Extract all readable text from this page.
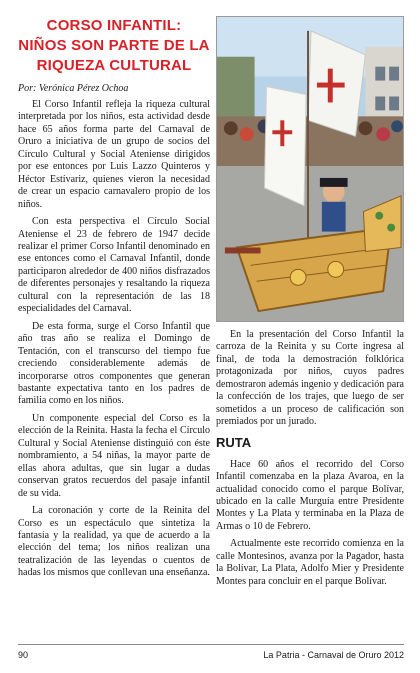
CORSO INFANTIL:
NIÑOS SON PARTE DE LA
RIQUEZA CULTURAL

Por: Verónica Pérez Ochoa

El Corso Infantil refleja la riqueza cultural interpretada por los niños, esta actividad desde hace 65 años forma parte del Carnaval de Oruro a iniciativa de un grupo de socios del Círculo Cultural y Social Ateniense dirigidos por ese entonces por Luis Lazzo Quinteros y Héctor Estívariz, quienes vieron la necesidad de crear un espacio carnavalero propio de los niños.

Con esta perspectiva el Círculo Social Ateniense el 23 de febrero de 1947 decide realizar el primer Corso Infantil denominado en ese entonces como el Carnaval Infantil, donde participaron alrededor de 400 niños disfrazados de diferentes personajes y resaltando la riqueza cultural con la representación de las 18 especialidades del Carnaval.

De esta forma, surge el Corso Infantil que año tras año se realiza el Domingo de Tentación, con el transcurso del tiempo fue creciendo considerablemente además de incorporarse otros componentes que generan bastante expectativa tanto en los padres de familia como en los niños.

Un componente especial del Corso es la elección de la Reinita. Hasta la fecha el Círculo Cultural y Social Ateniense distinguió con éste nombramiento, a 54 niñas, la mayor parte de ellas ahora adultas, que sin lugar a dudas conservan gratos recuerdos del pasaje infantil de su vida.

La coronación y corte de la Reinita del Corso es un espectáculo que sintetiza la fantasía y la realidad, ya que de acuerdo a la elección del tema; los niños realizan una teatralización de las leyendas o cuentos de hadas los mismos que conllevan una enseñanza.

En la presentación del Corso Infantil la carroza de la Reinita y su Corte ingresa al final, de toda la demostración folklórica protagonizada por niños, cuyos padres demostraron además ingenio y dedicación para la confección de los trajes, que luego de ser sometidos a un proceso de calificación son premiados por un jurado.

RUTA

Hace 60 años el recorrido del Corso Infantil comenzaba en la plaza Avaroa, en la actualidad conocido como el parque Bolívar, ubicado en la calle Murguía entre Presidente Montes y La Plata y terminaba en la Plaza de Armas o 10 de Febrero.

Actualmente este recorrido comienza en la calle Montesinos, avanza por la Pagador, hasta la Bolívar, La Plata, Adolfo Mier y Presidente Montes para concluir en el parque Bolívar.

90	La Patria - Carnaval de Oruro 2012
